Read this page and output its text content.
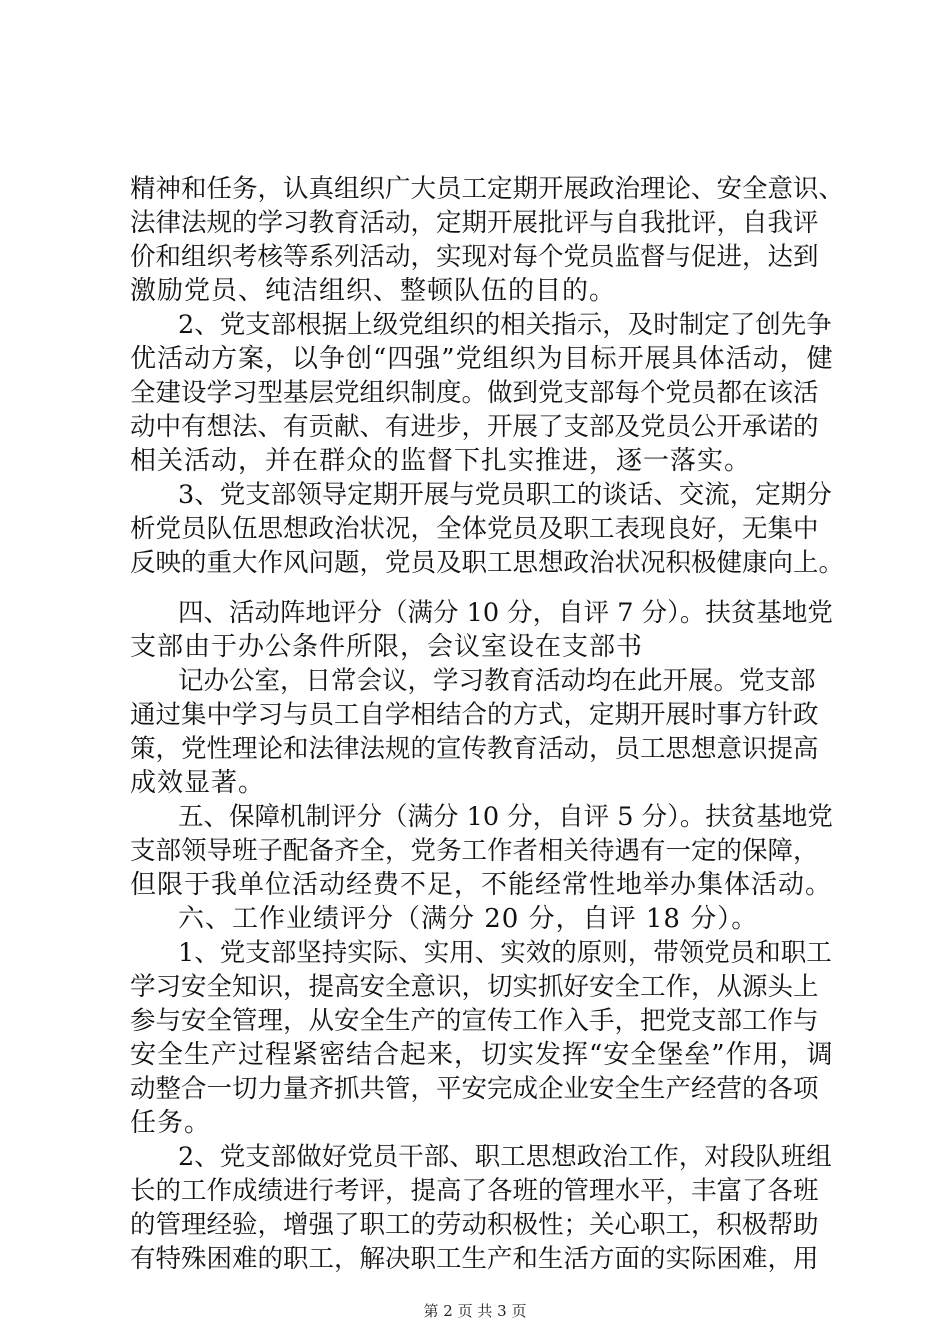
精神和任务，认真组织广大员工定期开展政治理论、安全意识、
法律法规的学习教育活动，定期开展批评与自我批评，自我评
价和组织考核等系列活动，实现对每个党员监督与促进，达到
激励党员、纯洁组织、整顿队伍的目的。
2、党支部根据上级党组织的相关指示，及时制定了创先争
优活动方案，以争创“四强”党组织为目标开展具体活动，健
全建设学习型基层党组织制度。做到党支部每个党员都在该活
动中有想法、有贡献、有进步，开展了支部及党员公开承诺的
相关活动，并在群众的监督下扎实推进，逐一落实。
3、党支部领导定期开展与党员职工的谈话、交流，定期分
析党员队伍思想政治状况，全体党员及职工表现良好，无集中
反映的重大作风问题，党员及职工思想政治状况积极健康向上。
四、活动阵地评分（满分 10 分，自评 7 分）。扶贫基地党
支部由于办公条件所限，会议室设在支部书
记办公室，日常会议，学习教育活动均在此开展。党支部
通过集中学习与员工自学相结合的方式，定期开展时事方针政
策，党性理论和法律法规的宣传教育活动，员工思想意识提高
成效显著。
五、保障机制评分（满分 10 分，自评 5 分）。扶贫基地党
支部领导班子配备齐全，党务工作者相关待遇有一定的保障，
但限于我单位活动经费不足，不能经常性地举办集体活动。
六、工作业绩评分（满分 20 分，自评 18 分）。
1、党支部坚持实际、实用、实效的原则，带领党员和职工
学习安全知识，提高安全意识，切实抓好安全工作，从源头上
参与安全管理，从安全生产的宣传工作入手，把党支部工作与
安全生产过程紧密结合起来，切实发挥“安全堡垒”作用，调
动整合一切力量齐抓共管，平安完成企业安全生产经营的各项
任务。
2、党支部做好党员干部、职工思想政治工作，对段队班组
长的工作成绩进行考评，提高了各班的管理水平，丰富了各班
的管理经验，增强了职工的劳动积极性；关心职工，积极帮助
有特殊困难的职工，解决职工生产和生活方面的实际困难，用
第 2 页 共 3 页
